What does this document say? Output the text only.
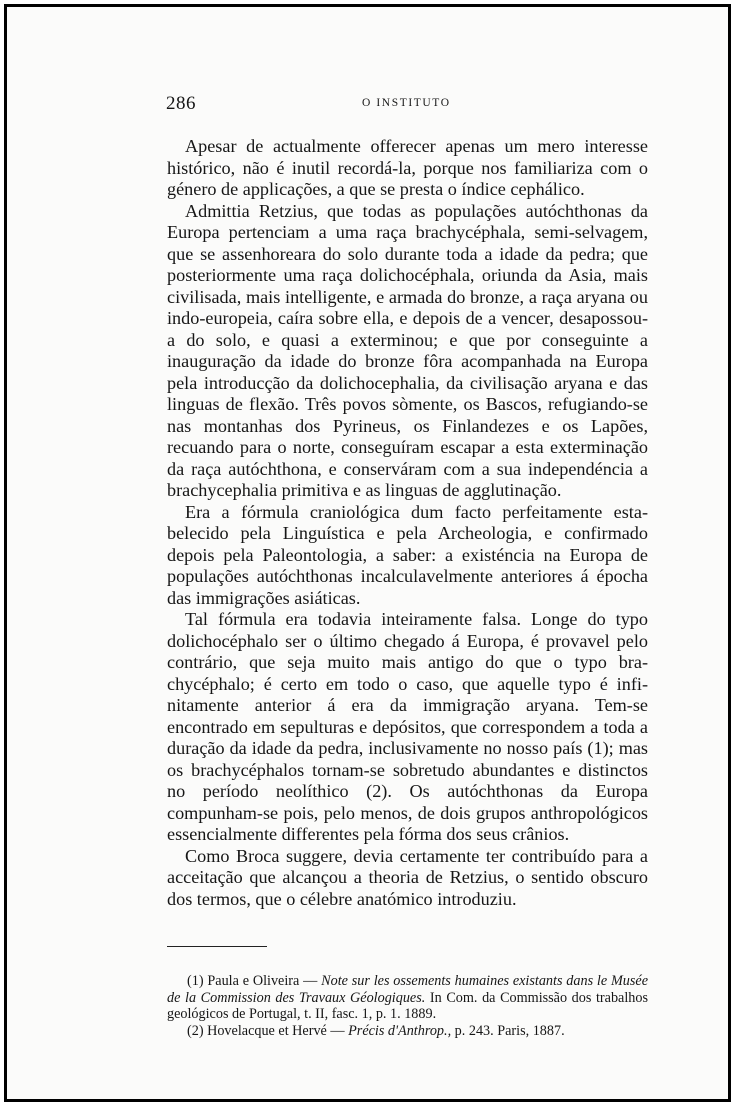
286	O INSTITUTO

Apesar de actualmente offerecer apenas um mero interesse histórico, não é inutil recordá-la, porque nos familiariza com o género de applicações, a que se presta o índice cephálico.

Admittia Retzius, que todas as populações autóchthonas da Europa pertenciam a uma raça brachycéphala, semi-selvagem, que se assenhoreara do solo durante toda a idade da pedra; que posteriormente uma raça dolichocéphala, oriunda da Asia, mais civilisada, mais intelligente, e armada do bronze, a raça aryana ou indo-europeia, caíra sobre ella, e depois de a vencer, desapossou-a do solo, e quasi a exterminou; e que por conseguinte a inauguração da idade do bronze fôra acompanhada na Europa pela introducção da dolichocephalia, da civilisação aryana e das linguas de flexão. Três povos sòmente, os Bascos, refugiando-se nas montanhas dos Pyrineus, os Finlandezes e os Lapões, recuando para o norte, conseguíram escapar a esta exterminação da raça autóchthona, e conserváram com a sua independéncia a brachycephalia primitiva e as linguas de agglutinação.

Era a fórmula craniológica dum facto perfeitamente estabelecido pela Linguística e pela Archeologia, e confirmado depois pela Paleontologia, a saber: a existéncia na Europa de populações autóchthonas incalculavelmente anteriores á épocha das immigrações asiáticas.

Tal fórmula era todavia inteiramente falsa. Longe do typo dolichocéphalo ser o último chegado á Europa, é provavel pelo contrário, que seja muito mais antigo do que o typo brachycéphalo; é certo em todo o caso, que aquelle typo é infinitamente anterior á era da immigração aryana. Tem-se encontrado em sepulturas e depósitos, que correspondem a toda a duração da idade da pedra, inclusivamente no nosso país (1); mas os brachycéphalos tornam-se sobretudo abundantes e distinctos no período neolíthico (2). Os autóchthonas da Europa compunham-se pois, pelo menos, de dois grupos anthropológicos essencialmente differentes pela fórma dos seus crânios.

Como Broca suggere, devia certamente ter contribuído para a acceitação que alcançou a theoria de Retzius, o sentido obscuro dos termos, que o célebre anatómico introduziu.

(1) Paula e Oliveira — Note sur les ossements humaines existants dans le Musée de la Commission des Travaux Géologiques. In Com. da Commissão dos trabalhos geológicos de Portugal, t. II, fasc. 1, p. 1. 1889.

(2) Hovelacque et Hervé — Précis d'Anthrop., p. 243. Paris, 1887.
